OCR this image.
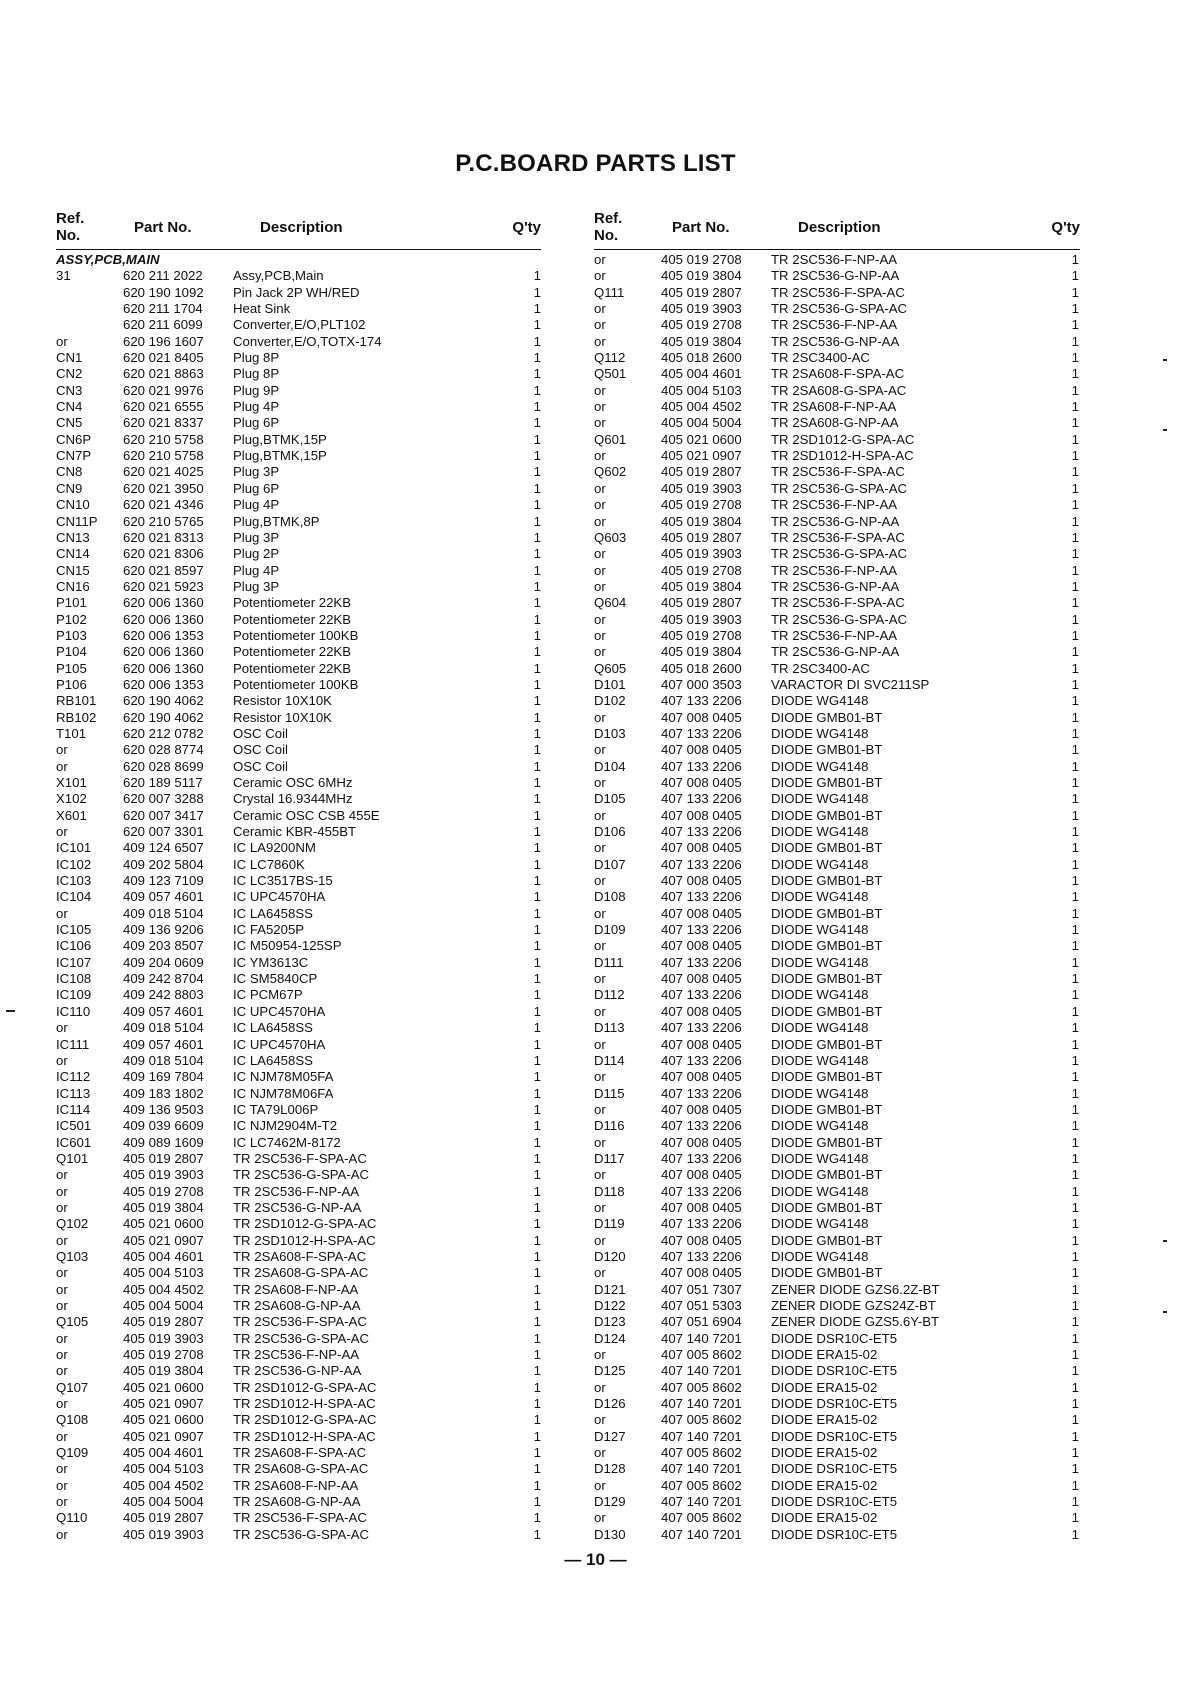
P.C.BOARD PARTS LIST
Ref. No.	Part No.	Description	Q'ty
ASSY,PCB,MAIN			
31	620 211 2022	Assy,PCB,Main	1
	620 190 1092	Pin Jack 2P WH/RED	1
	620 211 1704	Heat Sink	1
	620 211 6099	Converter,E/O,PLT102	1
or	620 196 1607	Converter,E/O,TOTX-174	1
CN1	620 021 8405	Plug 8P	1
CN2	620 021 8863	Plug 8P	1
CN3	620 021 9976	Plug 9P	1
CN4	620 021 6555	Plug 4P	1
CN5	620 021 8337	Plug 6P	1
CN6P	620 210 5758	Plug,BTMK,15P	1
CN7P	620 210 5758	Plug,BTMK,15P	1
CN8	620 021 4025	Plug 3P	1
CN9	620 021 3950	Plug 6P	1
CN10	620 021 4346	Plug 4P	1
CN11P	620 210 5765	Plug,BTMK,8P	1
CN13	620 021 8313	Plug 3P	1
CN14	620 021 8306	Plug 2P	1
CN15	620 021 8597	Plug 4P	1
CN16	620 021 5923	Plug 3P	1
P101	620 006 1360	Potentiometer 22KB	1
P102	620 006 1360	Potentiometer 22KB	1
P103	620 006 1353	Potentiometer 100KB	1
P104	620 006 1360	Potentiometer 22KB	1
P105	620 006 1360	Potentiometer 22KB	1
P106	620 006 1353	Potentiometer 100KB	1
RB101	620 190 4062	Resistor 10X10K	1
RB102	620 190 4062	Resistor 10X10K	1
T101	620 212 0782	OSC Coil	1
or	620 028 8774	OSC Coil	1
or	620 028 8699	OSC Coil	1
X101	620 189 5117	Ceramic OSC 6MHz	1
X102	620 007 3288	Crystal 16.9344MHz	1
X601	620 007 3417	Ceramic OSC CSB 455E	1
or	620 007 3301	Ceramic KBR-455BT	1
IC101	409 124 6507	IC LA9200NM	1
IC102	409 202 5804	IC LC7860K	1
IC103	409 123 7109	IC LC3517BS-15	1
IC104	409 057 4601	IC UPC4570HA	1
or	409 018 5104	IC LA6458SS	1
IC105	409 136 9206	IC FA5205P	1
IC106	409 203 8507	IC M50954-125SP	1
IC107	409 204 0609	IC YM3613C	1
IC108	409 242 8704	IC SM5840CP	1
IC109	409 242 8803	IC PCM67P	1
IC110	409 057 4601	IC UPC4570HA	1
or	409 018 5104	IC LA6458SS	1
IC111	409 057 4601	IC UPC4570HA	1
or	409 018 5104	IC LA6458SS	1
IC112	409 169 7804	IC NJM78M05FA	1
IC113	409 183 1802	IC NJM78M06FA	1
IC114	409 136 9503	IC TA79L006P	1
IC501	409 039 6609	IC NJM2904M-T2	1
IC601	409 089 1609	IC LC7462M-8172	1
Q101	405 019 2807	TR 2SC536-F-SPA-AC	1
or	405 019 3903	TR 2SC536-G-SPA-AC	1
or	405 019 2708	TR 2SC536-F-NP-AA	1
or	405 019 3804	TR 2SC536-G-NP-AA	1
Q102	405 021 0600	TR 2SD1012-G-SPA-AC	1
or	405 021 0907	TR 2SD1012-H-SPA-AC	1
Q103	405 004 4601	TR 2SA608-F-SPA-AC	1
or	405 004 5103	TR 2SA608-G-SPA-AC	1
or	405 004 4502	TR 2SA608-F-NP-AA	1
or	405 004 5004	TR 2SA608-G-NP-AA	1
Q105	405 019 2807	TR 2SC536-F-SPA-AC	1
or	405 019 3903	TR 2SC536-G-SPA-AC	1
or	405 019 2708	TR 2SC536-F-NP-AA	1
or	405 019 3804	TR 2SC536-G-NP-AA	1
Q107	405 021 0600	TR 2SD1012-G-SPA-AC	1
or	405 021 0907	TR 2SD1012-H-SPA-AC	1
Q108	405 021 0600	TR 2SD1012-G-SPA-AC	1
or	405 021 0907	TR 2SD1012-H-SPA-AC	1
Q109	405 004 4601	TR 2SA608-F-SPA-AC	1
or	405 004 5103	TR 2SA608-G-SPA-AC	1
or	405 004 4502	TR 2SA608-F-NP-AA	1
or	405 004 5004	TR 2SA608-G-NP-AA	1
Q110	405 019 2807	TR 2SC536-F-SPA-AC	1
or	405 019 3903	TR 2SC536-G-SPA-AC	1
Ref. No.	Part No.	Description	Q'ty
or	405 019 2708	TR 2SC536-F-NP-AA	1
or	405 019 3804	TR 2SC536-G-NP-AA	1
Q111	405 019 2807	TR 2SC536-F-SPA-AC	1
or	405 019 3903	TR 2SC536-G-SPA-AC	1
or	405 019 2708	TR 2SC536-F-NP-AA	1
or	405 019 3804	TR 2SC536-G-NP-AA	1
Q112	405 018 2600	TR 2SC3400-AC	1
Q501	405 004 4601	TR 2SA608-F-SPA-AC	1
or	405 004 5103	TR 2SA608-G-SPA-AC	1
or	405 004 4502	TR 2SA608-F-NP-AA	1
or	405 004 5004	TR 2SA608-G-NP-AA	1
Q601	405 021 0600	TR 2SD1012-G-SPA-AC	1
or	405 021 0907	TR 2SD1012-H-SPA-AC	1
Q602	405 019 2807	TR 2SC536-F-SPA-AC	1
or	405 019 3903	TR 2SC536-G-SPA-AC	1
or	405 019 2708	TR 2SC536-F-NP-AA	1
or	405 019 3804	TR 2SC536-G-NP-AA	1
Q603	405 019 2807	TR 2SC536-F-SPA-AC	1
or	405 019 3903	TR 2SC536-G-SPA-AC	1
or	405 019 2708	TR 2SC536-F-NP-AA	1
or	405 019 3804	TR 2SC536-G-NP-AA	1
Q604	405 019 2807	TR 2SC536-F-SPA-AC	1
or	405 019 3903	TR 2SC536-G-SPA-AC	1
or	405 019 2708	TR 2SC536-F-NP-AA	1
or	405 019 3804	TR 2SC536-G-NP-AA	1
Q605	405 018 2600	TR 2SC3400-AC	1
D101	407 000 3503	VARACTOR DI SVC211SP	1
D102	407 133 2206	DIODE WG4148	1
or	407 008 0405	DIODE GMB01-BT	1
D103	407 133 2206	DIODE WG4148	1
or	407 008 0405	DIODE GMB01-BT	1
D104	407 133 2206	DIODE WG4148	1
or	407 008 0405	DIODE GMB01-BT	1
D105	407 133 2206	DIODE WG4148	1
or	407 008 0405	DIODE GMB01-BT	1
D106	407 133 2206	DIODE WG4148	1
or	407 008 0405	DIODE GMB01-BT	1
D107	407 133 2206	DIODE WG4148	1
or	407 008 0405	DIODE GMB01-BT	1
D108	407 133 2206	DIODE WG4148	1
or	407 008 0405	DIODE GMB01-BT	1
D109	407 133 2206	DIODE WG4148	1
or	407 008 0405	DIODE GMB01-BT	1
D111	407 133 2206	DIODE WG4148	1
or	407 008 0405	DIODE GMB01-BT	1
D112	407 133 2206	DIODE WG4148	1
or	407 008 0405	DIODE GMB01-BT	1
D113	407 133 2206	DIODE WG4148	1
or	407 008 0405	DIODE GMB01-BT	1
D114	407 133 2206	DIODE WG4148	1
or	407 008 0405	DIODE GMB01-BT	1
D115	407 133 2206	DIODE WG4148	1
or	407 008 0405	DIODE GMB01-BT	1
D116	407 133 2206	DIODE WG4148	1
or	407 008 0405	DIODE GMB01-BT	1
D117	407 133 2206	DIODE WG4148	1
or	407 008 0405	DIODE GMB01-BT	1
D118	407 133 2206	DIODE WG4148	1
or	407 008 0405	DIODE GMB01-BT	1
D119	407 133 2206	DIODE WG4148	1
or	407 008 0405	DIODE GMB01-BT	1
D120	407 133 2206	DIODE WG4148	1
or	407 008 0405	DIODE GMB01-BT	1
D121	407 051 7307	ZENER DIODE GZS6.2Z-BT	1
D122	407 051 5303	ZENER DIODE GZS24Z-BT	1
D123	407 051 6904	ZENER DIODE GZS5.6Y-BT	1
D124	407 140 7201	DIODE DSR10C-ET5	1
or	407 005 8602	DIODE ERA15-02	1
D125	407 140 7201	DIODE DSR10C-ET5	1
or	407 005 8602	DIODE ERA15-02	1
D126	407 140 7201	DIODE DSR10C-ET5	1
or	407 005 8602	DIODE ERA15-02	1
D127	407 140 7201	DIODE DSR10C-ET5	1
or	407 005 8602	DIODE ERA15-02	1
D128	407 140 7201	DIODE DSR10C-ET5	1
or	407 005 8602	DIODE ERA15-02	1
D129	407 140 7201	DIODE DSR10C-ET5	1
or	407 005 8602	DIODE ERA15-02	1
D130	407 140 7201	DIODE DSR10C-ET5	1
— 10 —
